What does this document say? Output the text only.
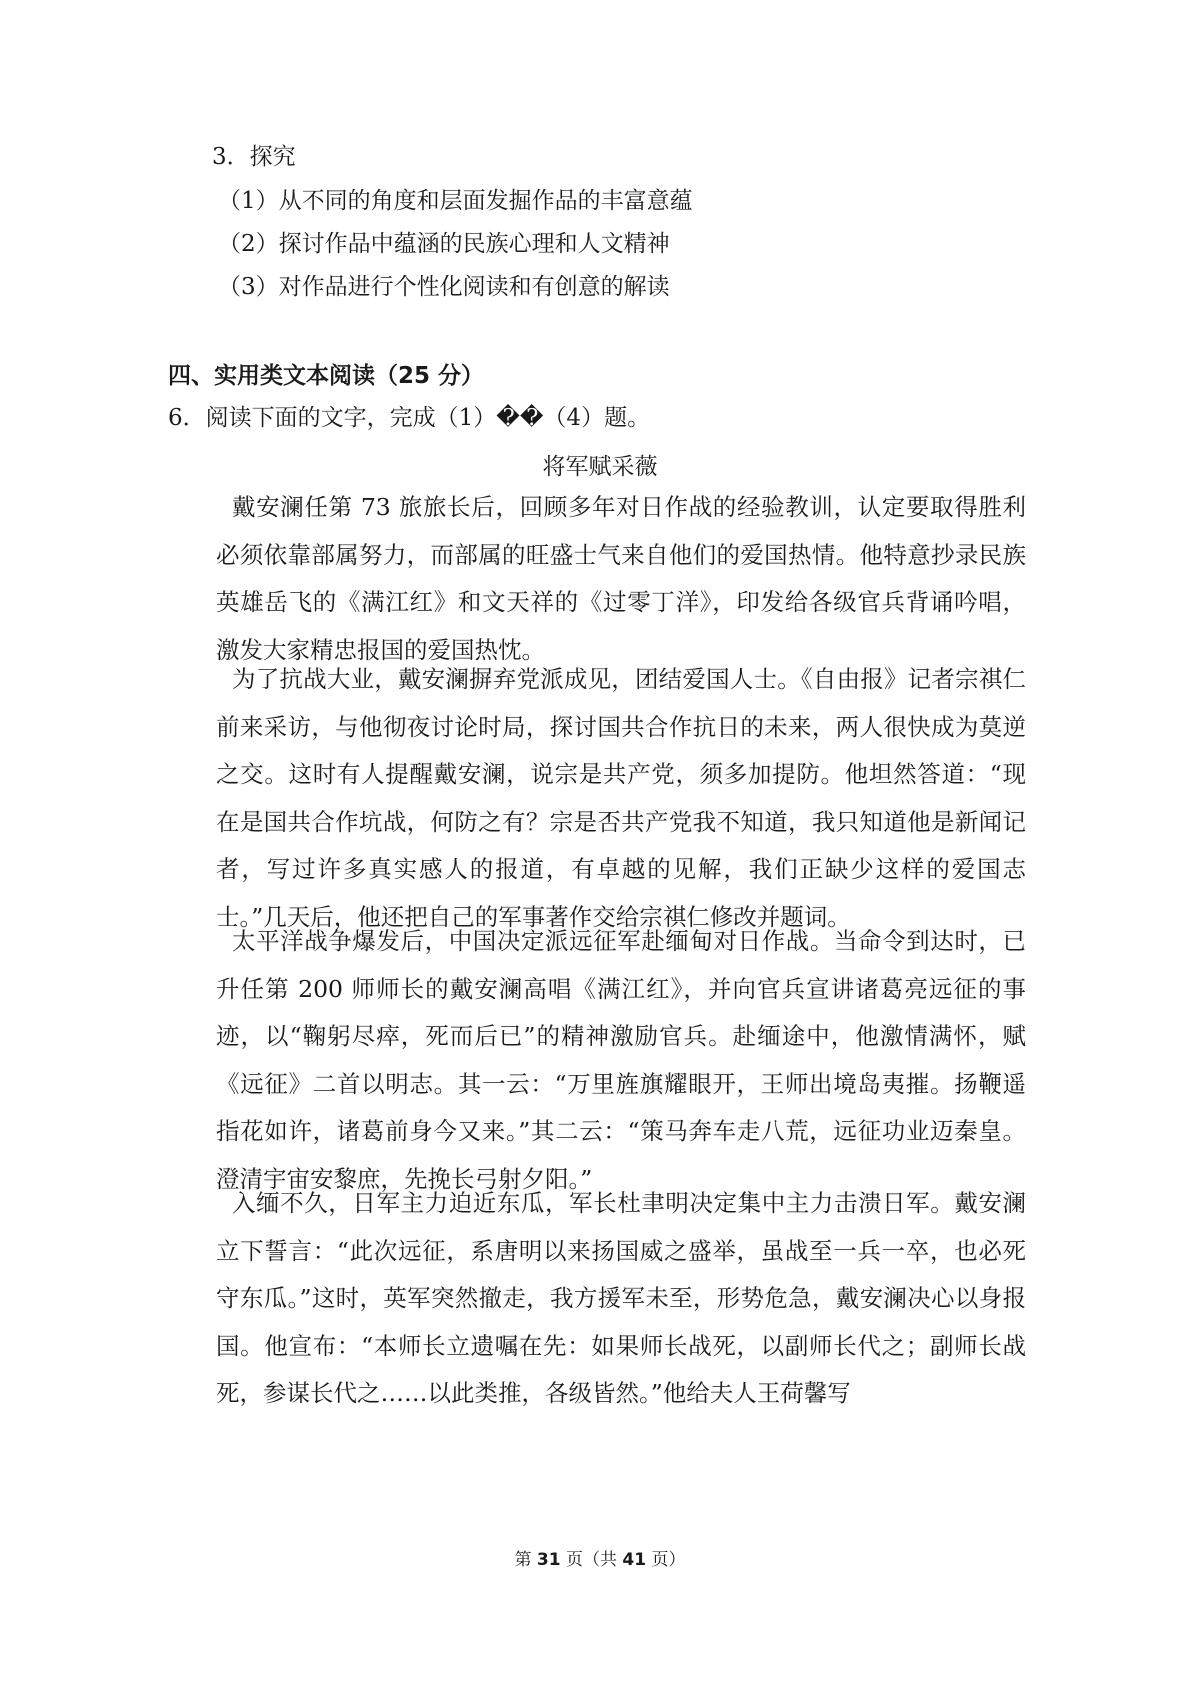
3．探究
（1）从不同的角度和层面发掘作品的丰富意蕴
（2）探讨作品中蕴涵的民族心理和人文精神
（3）对作品进行个性化阅读和有创意的解读
四、实用类文本阅读（25 分）
6．阅读下面的文字，完成（1）��（4）题。
将军赋采薇
戴安澜任第 73 旅旅长后，回顾多年对日作战的经验教训，认定要取得胜利必须依靠部属努力，而部属的旺盛士气来自他们的爱国热情。他特意抄录民族英雄岳飞的《满江红》和文天祥的《过零丁洋》，印发给各级官兵背诵吟唱，激发大家精忠报国的爱国热忱。
为了抗战大业，戴安澜摒弃党派成见，团结爱国人士。《自由报》记者宗祺仁前来采访，与他彻夜讨论时局，探讨国共合作抗日的未来，两人很快成为莫逆之交。这时有人提醒戴安澜，说宗是共产党，须多加提防。他坦然答道：“现在是国共合作坑战，何防之有？宗是否共产党我不知道，我只知道他是新闻记者，写过许多真实感人的报道，有卓越的见解，我们正缺少这样的爱国志士。”几天后，他还把自己的军事著作交给宗祺仁修改并题词。
太平洋战争爆发后，中国决定派远征军赴缅甸对日作战。当命令到达时，已升任第 200 师师长的戴安澜高唱《满江红》，并向官兵宣讲诸葛亮远征的事迹，以“鞠躬尽瘁，死而后已”的精神激励官兵。赴缅途中，他激情满怀，赋《远征》二首以明志。其一云：“万里旌旗耀眼开，王师出境岛夷摧。扬鞭遥指花如许，诸葛前身今又来。”其二云：“策马奔车走八荒，远征功业迈秦皇。澄清宇宙安黎庶，先挽长弓射夕阳。”
入缅不久，日军主力迫近东瓜，军长杜聿明决定集中主力击溃日军。戴安澜立下誓言：“此次远征，系唐明以来扬国威之盛举，虽战至一兵一卒，也必死守东瓜。”这时，英军突然撤走，我方援军未至，形势危急，戴安澜决心以身报国。他宣布：“本师长立遗嘱在先：如果师长战死，以副师长代之；副师长战死，参谋长代之……以此类推，各级皆然。”他给夫人王荷馨写
第 31 页（共 41 页）
